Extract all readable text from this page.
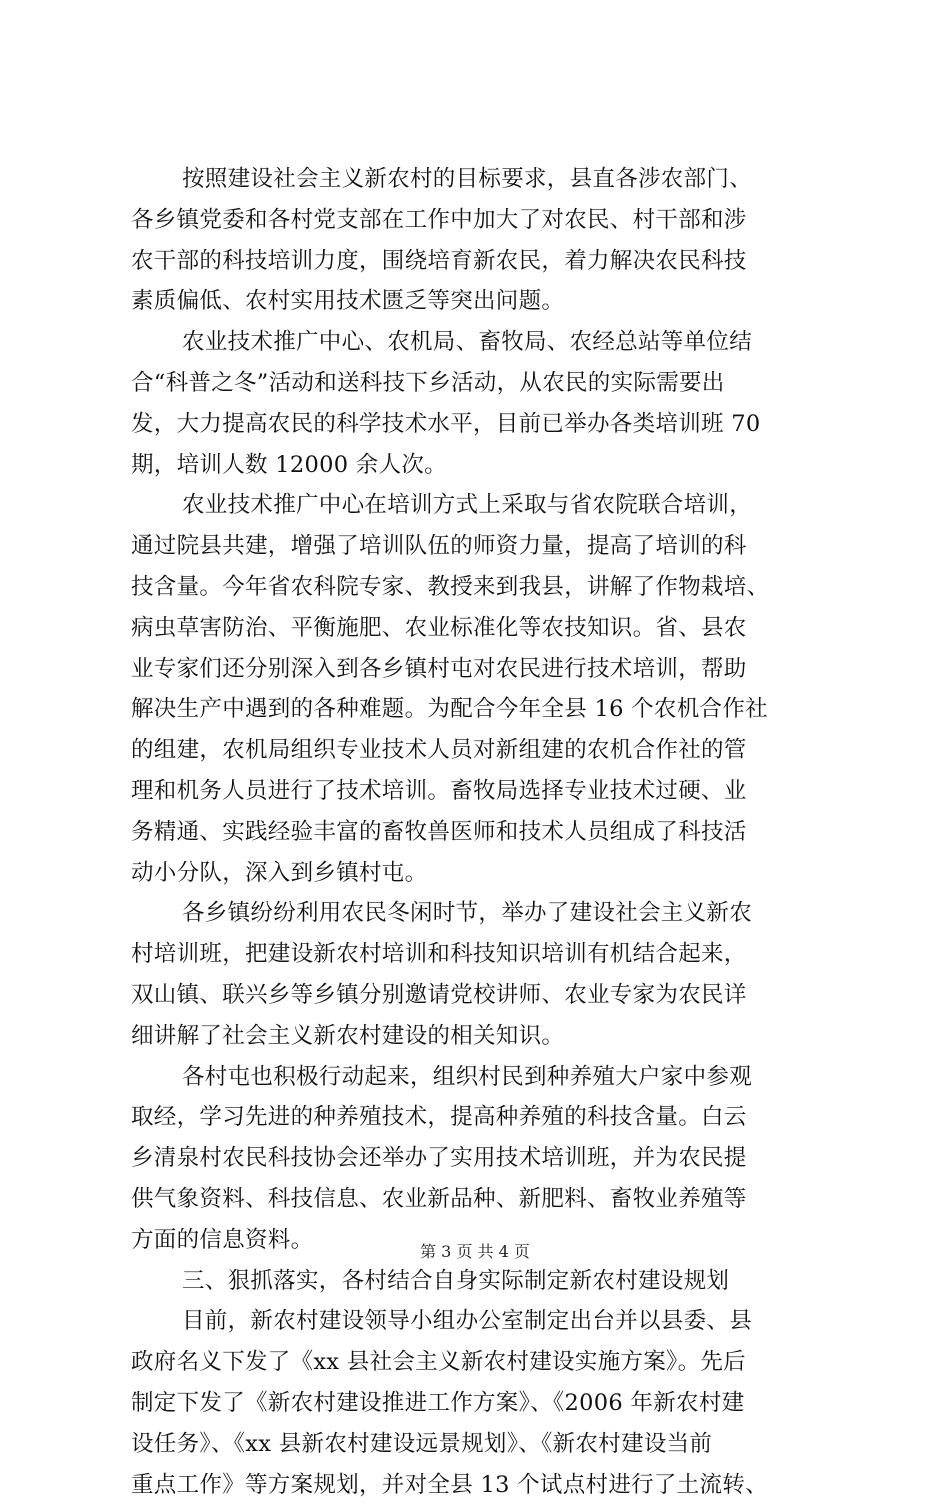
按照建设社会主义新农村的目标要求，县直各涉农部门、
各乡镇党委和各村党支部在工作中加大了对农民、村干部和涉
农干部的科技培训力度，围绕培育新农民，着力解决农民科技
素质偏低、农村实用技术匮乏等突出问题。
农业技术推广中心、农机局、畜牧局、农经总站等单位结
合“科普之冬”活动和送科技下乡活动，从农民的实际需要出
发，大力提高农民的科学技术水平，目前已举办各类培训班 70
期，培训人数 12000 余人次。
农业技术推广中心在培训方式上采取与省农院联合培训，
通过院县共建，增强了培训队伍的师资力量，提高了培训的科
技含量。今年省农科院专家、教授来到我县，讲解了作物栽培、
病虫草害防治、平衡施肥、农业标准化等农技知识。省、县农
业专家们还分别深入到各乡镇村屯对农民进行技术培训，帮助
解决生产中遇到的各种难题。为配合今年全县 16 个农机合作社
的组建，农机局组织专业技术人员对新组建的农机合作社的管
理和机务人员进行了技术培训。畜牧局选择专业技术过硬、业
务精通、实践经验丰富的畜牧兽医师和技术人员组成了科技活
动小分队，深入到乡镇村屯。
各乡镇纷纷利用农民冬闲时节，举办了建设社会主义新农
村培训班，把建设新农村培训和科技知识培训有机结合起来，
双山镇、联兴乡等乡镇分别邀请党校讲师、农业专家为农民详
细讲解了社会主义新农村建设的相关知识。
各村屯也积极行动起来，组织村民到种养殖大户家中参观
取经，学习先进的种养殖技术，提高种养殖的科技含量。白云
乡清泉村农民科技协会还举办了实用技术培训班，并为农民提
供气象资料、科技信息、农业新品种、新肥料、畜牧业养殖等
方面的信息资料。
三、狠抓落实，各村结合自身实际制定新农村建设规划
目前，新农村建设领导小组办公室制定出台并以县委、县
政府名义下发了《xx 县社会主义新农村建设实施方案》。先后
制定下发了《新农村建设推进工作方案》、《2006 年新农村建
设任务》、《xx 县新农村建设远景规划》、《新农村建设当前
重点工作》等方案规划，并对全县 13 个试点村进行了土流转、
第 3 页 共 4 页
